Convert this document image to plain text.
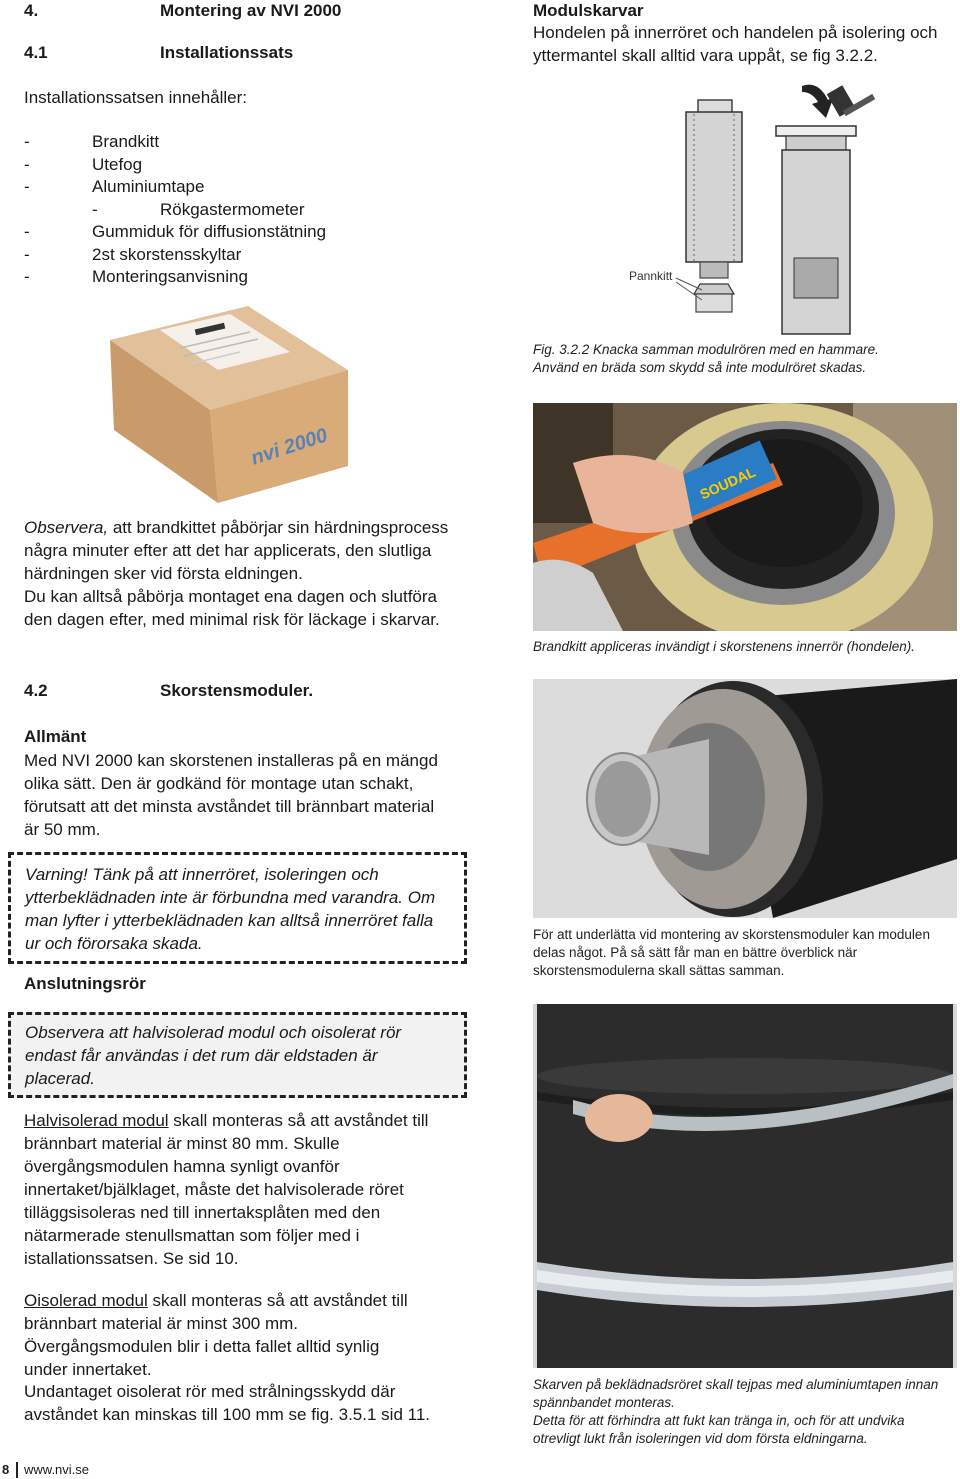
4.	Montering av NVI 2000
4.1	Installationssats
Installationssatsen innehåller:
-	Brandkitt
-	Utefog
-	Aluminiumtape
-	Rökgastermometer
-	Gummiduk för diffusionstätning
-	2st skorstensskyltar
-	Monteringsanvisning
nvi 2000
Observera, att brandkittet påbörjar sin härdningsprocess några minuter efter att det har applicerats, den slutliga härdningen sker vid första eldningen.
Du kan alltså påbörja montaget ena dagen och slutföra den dagen efter, med minimal risk för läckage i skarvar.
4.2	Skorstensmoduler.
Allmänt
Med NVI 2000 kan skorstenen installeras på en mängd olika sätt. Den är godkänd för montage utan schakt, förutsatt att det minsta avståndet till brännbart material är 50 mm.
Varning! Tänk på att innerröret, isoleringen och ytterbeklädnaden inte är förbundna med varandra. Om man lyfter i ytterbeklädnaden kan alltså innerröret falla ur och förorsaka skada.
Anslutningsrör
Observera att halvisolerad modul och oisolerat rör endast får användas i det rum där eldstaden är placerad.
Halvisolerad modul skall monteras så att avståndet till brännbart material är minst 80 mm. Skulle övergångsmodulen hamna synligt ovanför innertaket/bjälklaget, måste det halvisolerade röret tilläggsisoleras ned till innertaksplåten med den nätarmerade stenullsmattan som följer med i istallationssatsen. Se sid 10.
Oisolerad modul skall monteras så att avståndet till brännbart material är minst 300 mm. Övergångsmodulen blir i detta fallet alltid synlig under innertaket.
Undantaget oisolerat rör med strålningsskydd där avståndet kan minskas till 100 mm se fig. 3.5.1 sid 11.
8 www.nvi.se
Modulskarvar
Hondelen på innerröret och handelen på isolering och yttermantel skall alltid vara uppåt, se fig 3.2.2.
Pannkitt
Fig. 3.2.2 Knacka samman modulrören med en hammare.
Använd en bräda som skydd så inte modulröret skadas.
SOUDAL
Brandkitt appliceras invändigt i skorstenens innerrör (hondelen).
För att underlätta vid montering av skorstensmoduler kan modulen delas något. På så sätt får man en bättre överblick när skorstensmodulerna skall sättas samman.
Skarven på beklädnadsröret skall tejpas med aluminiumtapen innan spännbandet monteras.
Detta för att förhindra att fukt kan tränga in, och för att undvika otrevligt lukt från isoleringen vid dom första eldningarna.
